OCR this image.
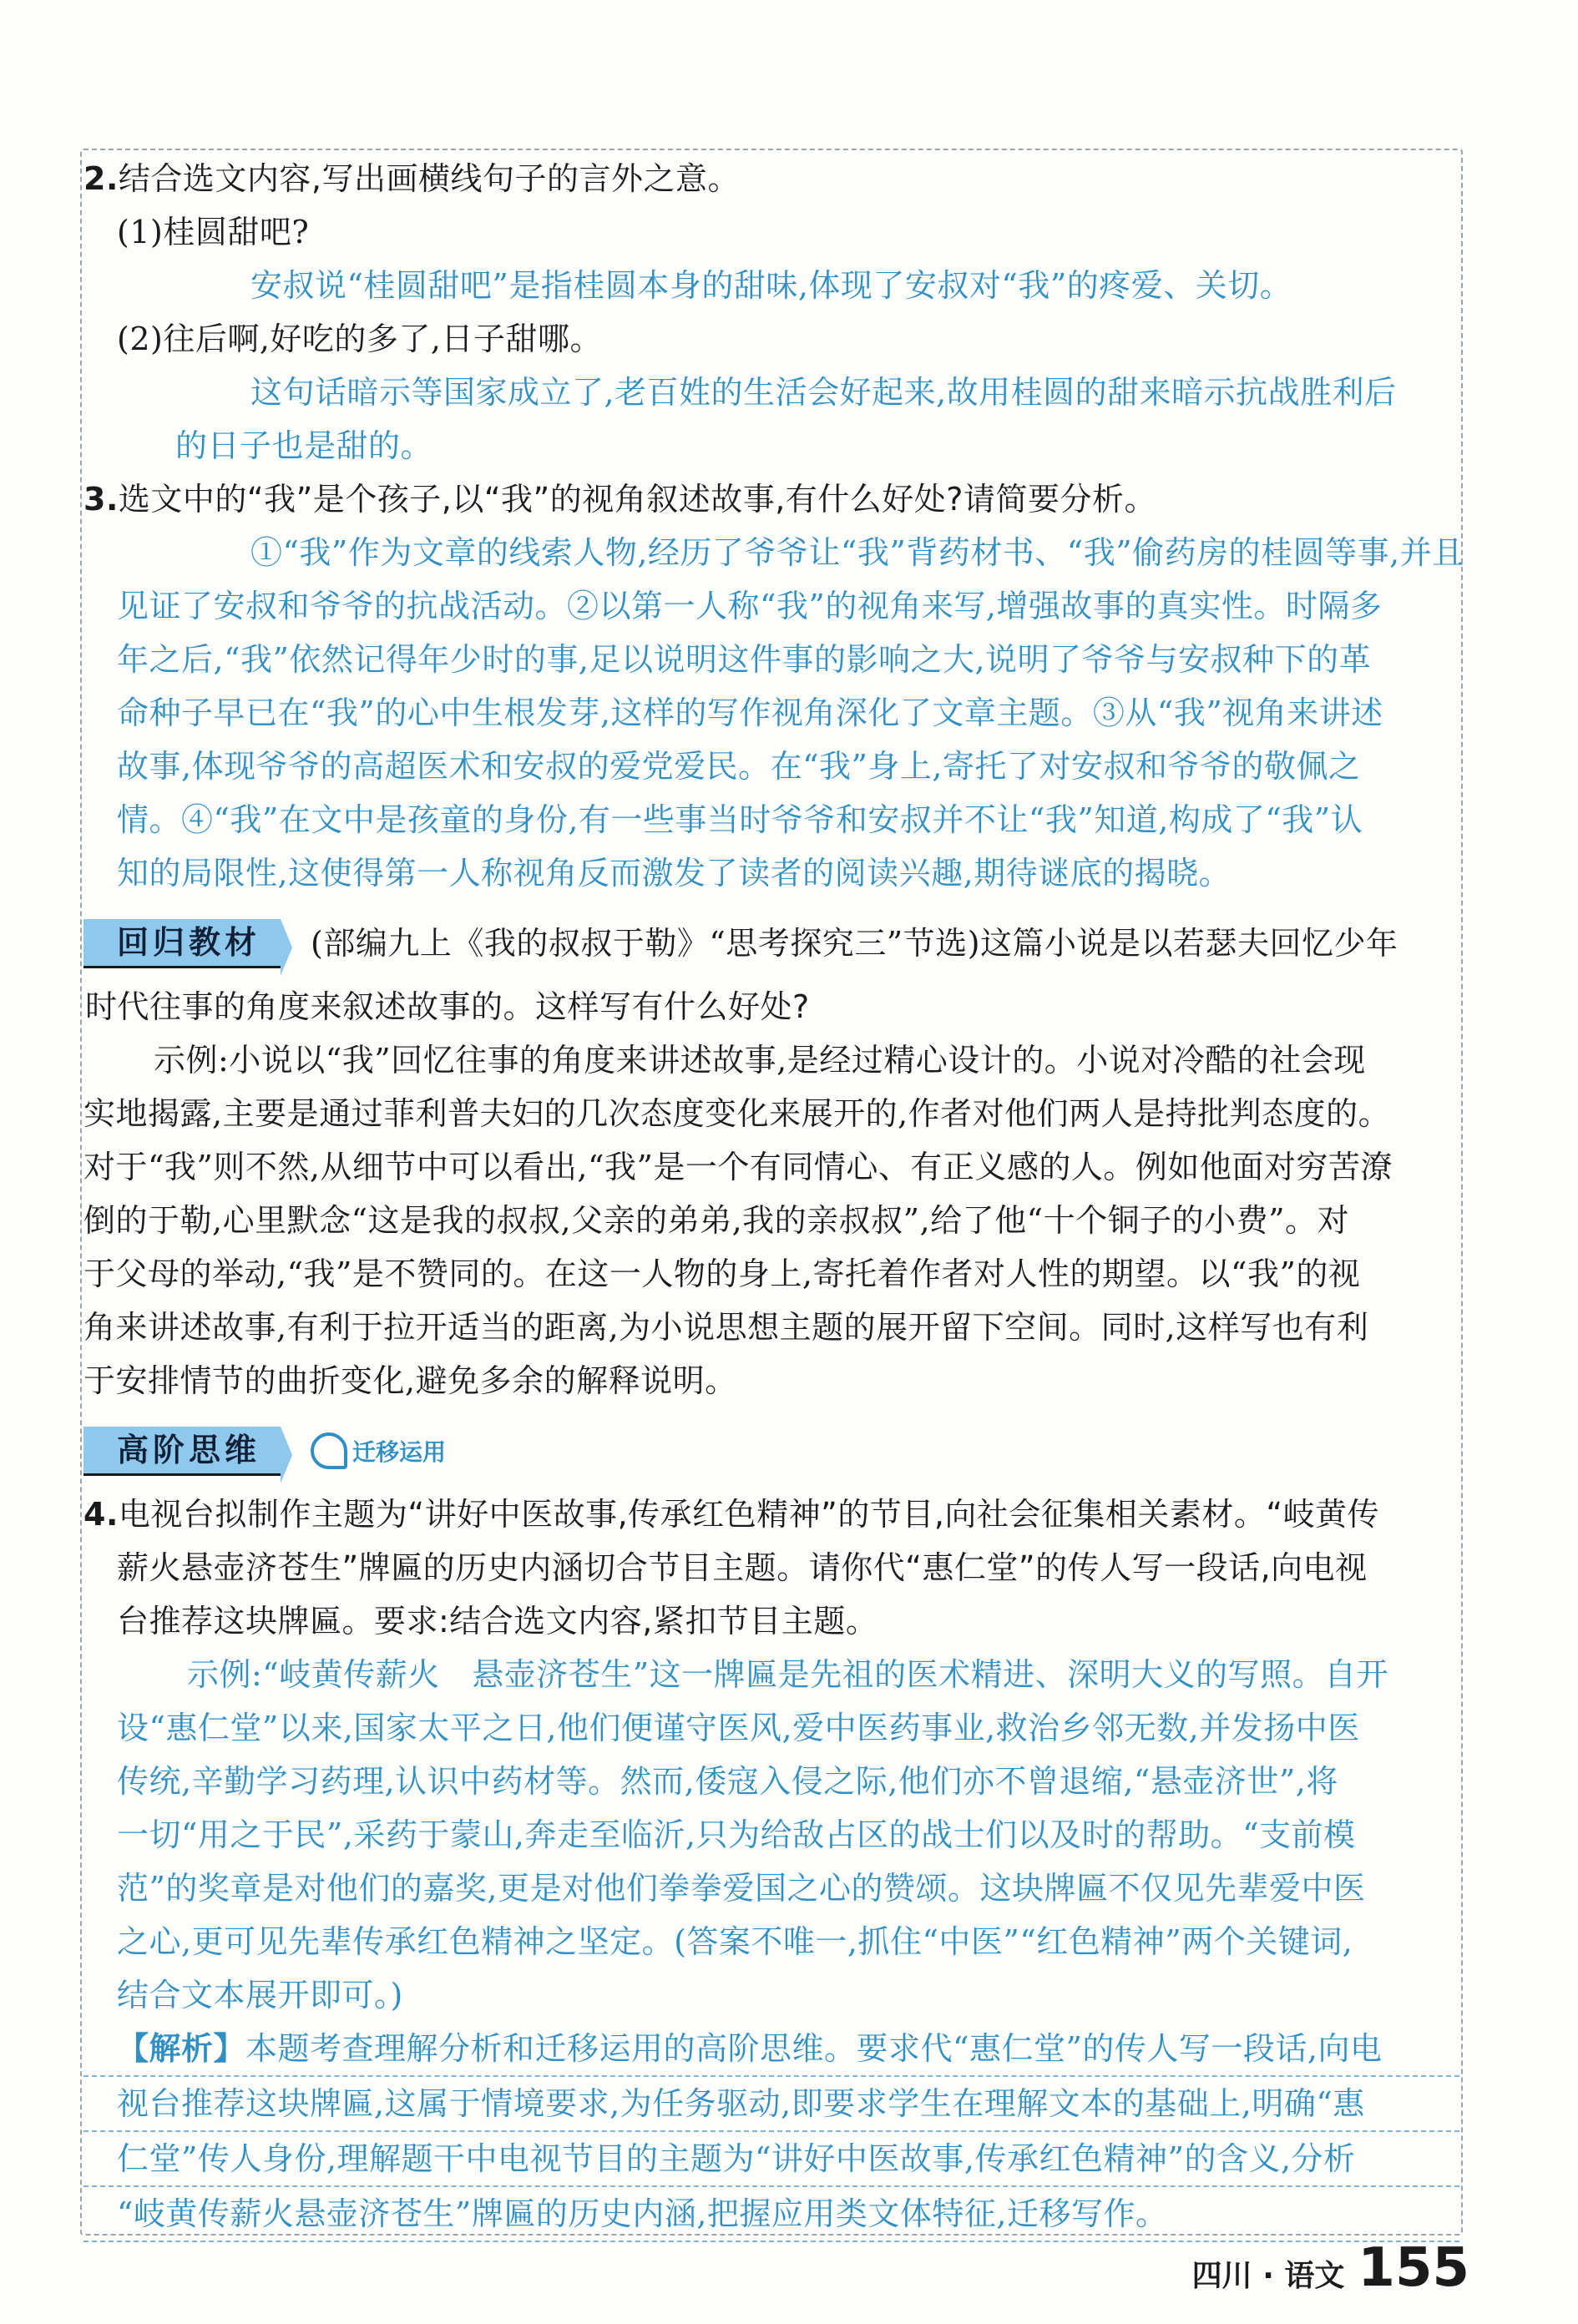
2.结合选文内容,写出画横线句子的言外之意。
(1)桂圆甜吧?
安叔说“桂圆甜吧”是指桂圆本身的甜味,体现了安叔对“我”的疼爱、关切。
(2)往后啊,好吃的多了,日子甜哪。
这句话暗示等国家成立了,老百姓的生活会好起来,故用桂圆的甜来暗示抗战胜利后
的日子也是甜的。
3.选文中的“我”是个孩子,以“我”的视角叙述故事,有什么好处?请简要分析。
①“我”作为文章的线索人物,经历了爷爷让“我”背药材书、“我”偷药房的桂圆等事,并且
见证了安叔和爷爷的抗战活动。②以第一人称“我”的视角来写,增强故事的真实性。时隔多
年之后,“我”依然记得年少时的事,足以说明这件事的影响之大,说明了爷爷与安叔种下的革
命种子早已在“我”的心中生根发芽,这样的写作视角深化了文章主题。③从“我”视角来讲述
故事,体现爷爷的高超医术和安叔的爱党爱民。在“我”身上,寄托了对安叔和爷爷的敬佩之
情。④“我”在文中是孩童的身份,有一些事当时爷爷和安叔并不让“我”知道,构成了“我”认
知的局限性,这使得第一人称视角反而激发了读者的阅读兴趣,期待谜底的揭晓。
回归教材	(部编九上《我的叔叔于勒》“思考探究三”节选)这篇小说是以若瑟夫回忆少年
时代往事的角度来叙述故事的。这样写有什么好处?
示例:小说以“我”回忆往事的角度来讲述故事,是经过精心设计的。小说对冷酷的社会现
实地揭露,主要是通过菲利普夫妇的几次态度变化来展开的,作者对他们两人是持批判态度的。
对于“我”则不然,从细节中可以看出,“我”是一个有同情心、有正义感的人。例如他面对穷苦潦
倒的于勒,心里默念“这是我的叔叔,父亲的弟弟,我的亲叔叔”,给了他“十个铜子的小费”。对
于父母的举动,“我”是不赞同的。在这一人物的身上,寄托着作者对人性的期望。以“我”的视
角来讲述故事,有利于拉开适当的距离,为小说思想主题的展开留下空间。同时,这样写也有利
于安排情节的曲折变化,避免多余的解释说明。
高阶思维	迁移运用
4.电视台拟制作主题为“讲好中医故事,传承红色精神”的节目,向社会征集相关素材。“岐黄传
薪火悬壶济苍生”牌匾的历史内涵切合节目主题。请你代“惠仁堂”的传人写一段话,向电视
台推荐这块牌匾。要求:结合选文内容,紧扣节目主题。
示例:“岐黄传薪火　悬壶济苍生”这一牌匾是先祖的医术精进、深明大义的写照。自开
设“惠仁堂”以来,国家太平之日,他们便谨守医风,爱中医药事业,救治乡邻无数,并发扬中医
传统,辛勤学习药理,认识中药材等。然而,倭寇入侵之际,他们亦不曾退缩,“悬壶济世”,将
一切“用之于民”,采药于蒙山,奔走至临沂,只为给敌占区的战士们以及时的帮助。“支前模
范”的奖章是对他们的嘉奖,更是对他们拳拳爱国之心的赞颂。这块牌匾不仅见先辈爱中医
之心,更可见先辈传承红色精神之坚定。(答案不唯一,抓住“中医”“红色精神”两个关键词,
结合文本展开即可。)
【解析】本题考查理解分析和迁移运用的高阶思维。要求代“惠仁堂”的传人写一段话,向电
视台推荐这块牌匾,这属于情境要求,为任务驱动,即要求学生在理解文本的基础上,明确“惠
仁堂”传人身份,理解题干中电视节目的主题为“讲好中医故事,传承红色精神”的含义,分析
“岐黄传薪火悬壶济苍生”牌匾的历史内涵,把握应用类文体特征,迁移写作。
四川 · 语文 155
